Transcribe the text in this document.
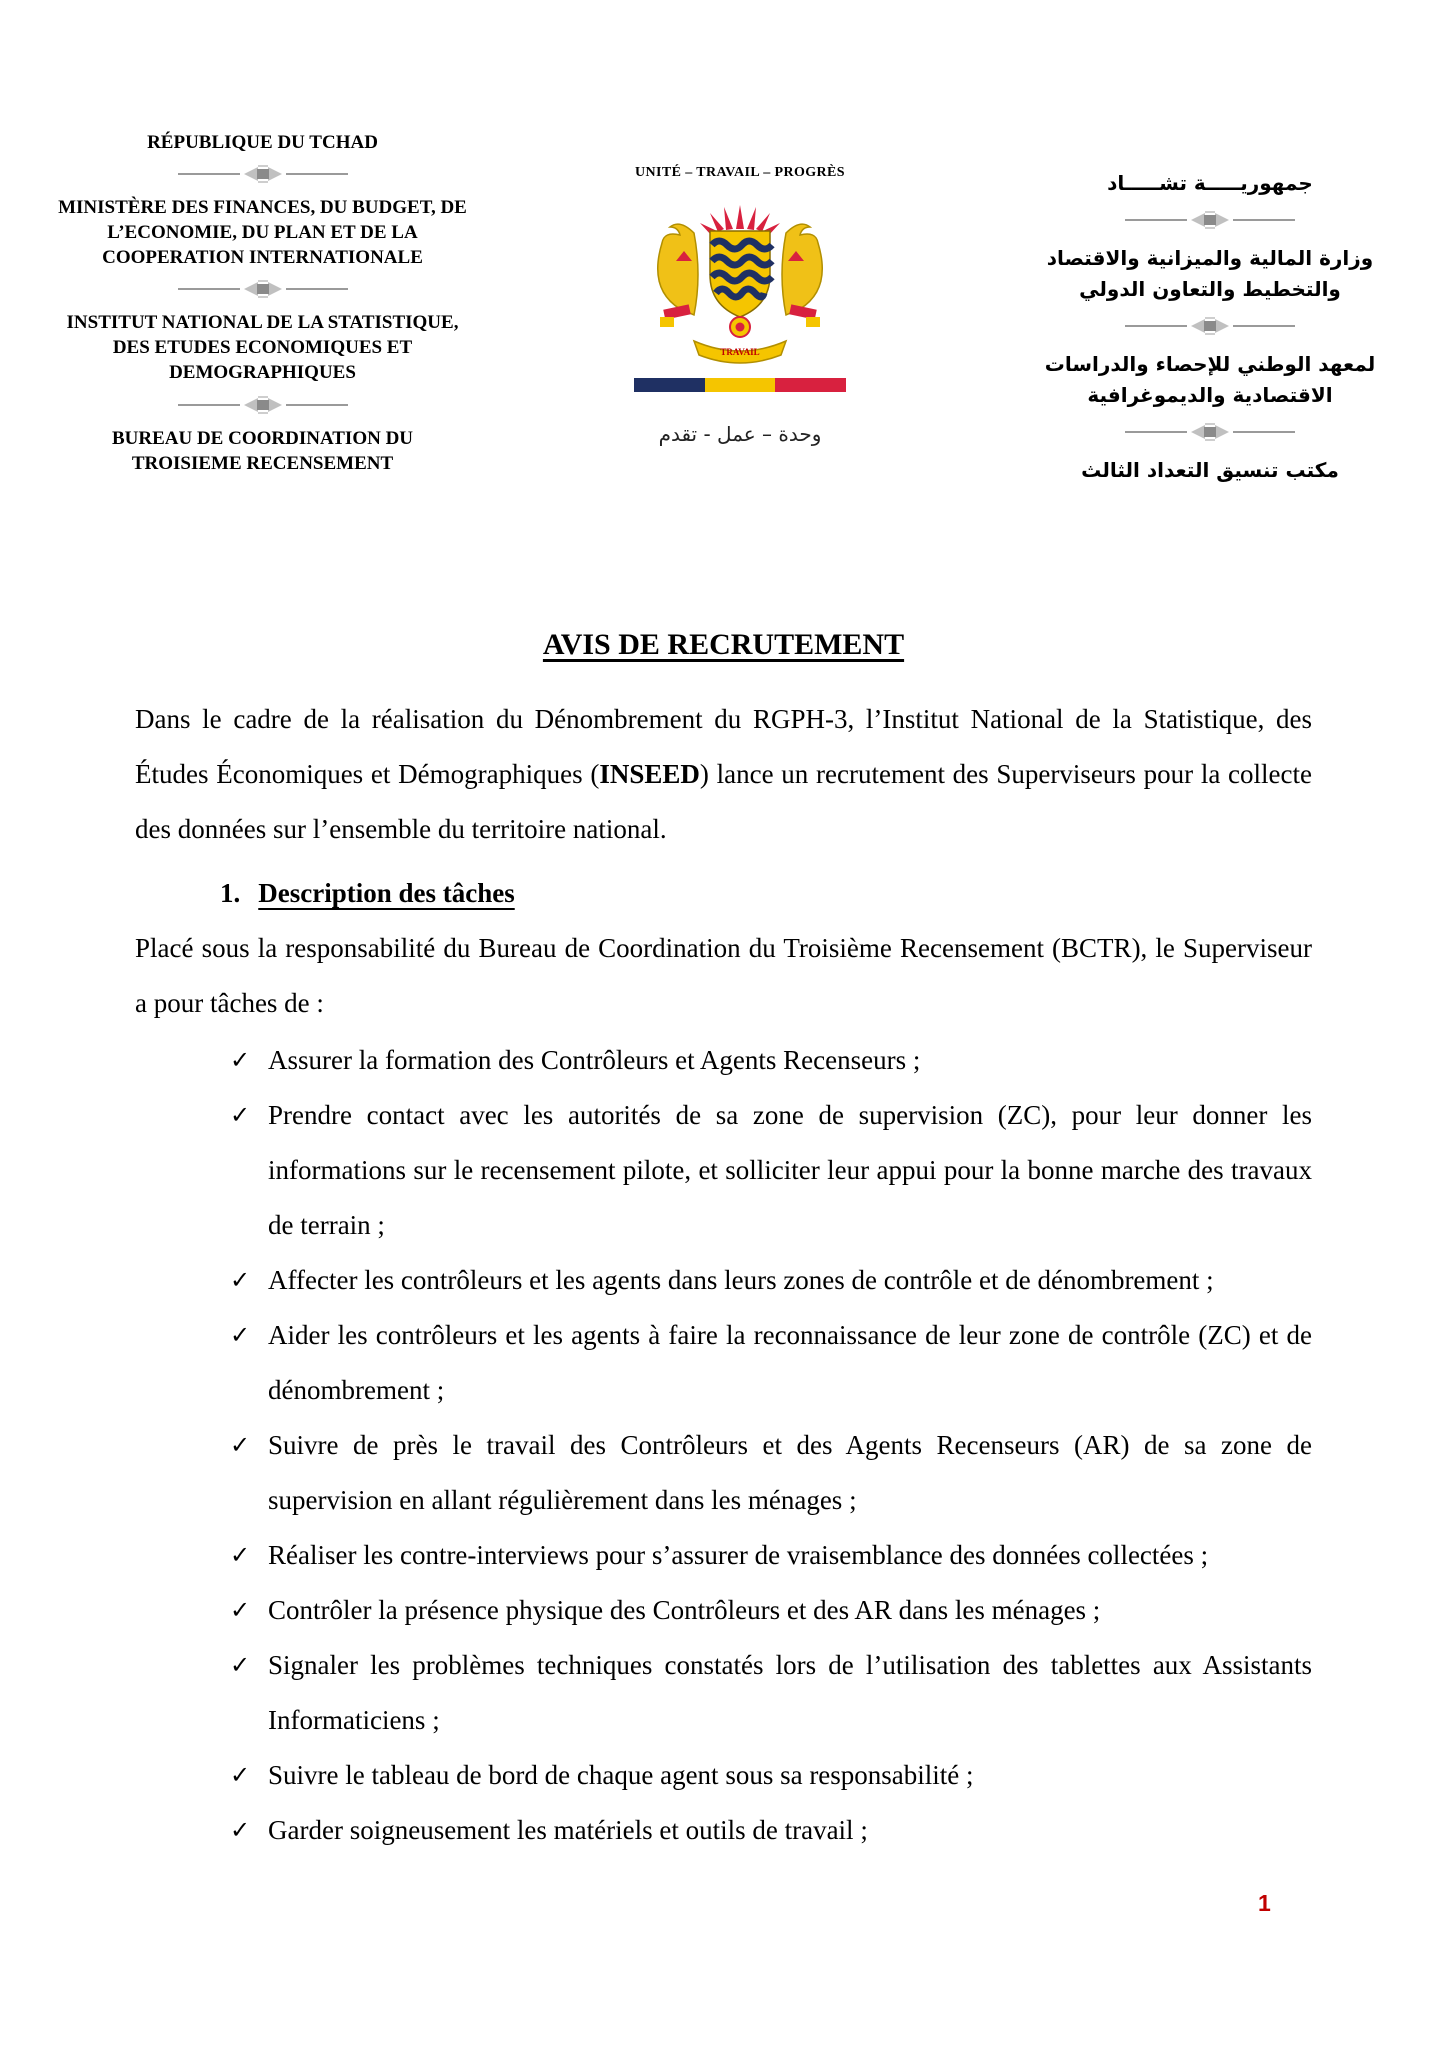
RÉPUBLIQUE DU TCHAD
MINISTÈRE DES FINANCES, DU BUDGET, DE L’ECONOMIE, DU PLAN ET DE LA COOPERATION INTERNATIONALE
INSTITUT NATIONAL DE LA STATISTIQUE, DES ETUDES ECONOMIQUES ET DEMOGRAPHIQUES
BUREAU DE COORDINATION DU TROISIEME RECENSEMENT
UNITÉ – TRAVAIL – PROGRÈS
TRAVAIL
وحدة – عمل - تقدم
جمهوريـــــة تشـــــاد
وزارة المالية والميزانية والاقتصاد والتخطيط والتعاون الدولي
لمعهد الوطني للإحصاء والدراسات الاقتصادية والديموغرافية
مكتب تنسيق التعداد الثالث
AVIS DE RECRUTEMENT

Dans le cadre de la réalisation du Dénombrement du RGPH-3, l’Institut National de la Statistique, des Études Économiques et Démographiques (INSEED) lance un recrutement des Superviseurs pour la collecte des données sur l’ensemble du territoire national.

1. Description des tâches

Placé sous la responsabilité du Bureau de Coordination du Troisième Recensement (BCTR), le Superviseur a pour tâches de :

✓ Assurer la formation des Contrôleurs et Agents Recenseurs ;
✓ Prendre contact avec les autorités de sa zone de supervision (ZC), pour leur donner les informations sur le recensement pilote, et solliciter leur appui pour la bonne marche des travaux de terrain ;
✓ Affecter les contrôleurs et les agents dans leurs zones de contrôle et de dénombrement ;
✓ Aider les contrôleurs et les agents à faire la reconnaissance de leur zone de contrôle (ZC) et de dénombrement ;
✓ Suivre de près le travail des Contrôleurs et des Agents Recenseurs (AR) de sa zone de supervision en allant régulièrement dans les ménages ;
✓ Réaliser les contre-interviews pour s’assurer de vraisemblance des données collectées ;
✓ Contrôler la présence physique des Contrôleurs et des AR dans les ménages ;
✓ Signaler les problèmes techniques constatés lors de l’utilisation des tablettes aux Assistants Informaticiens ;
✓ Suivre le tableau de bord de chaque agent sous sa responsabilité ;
✓ Garder soigneusement les matériels et outils de travail ;
1
